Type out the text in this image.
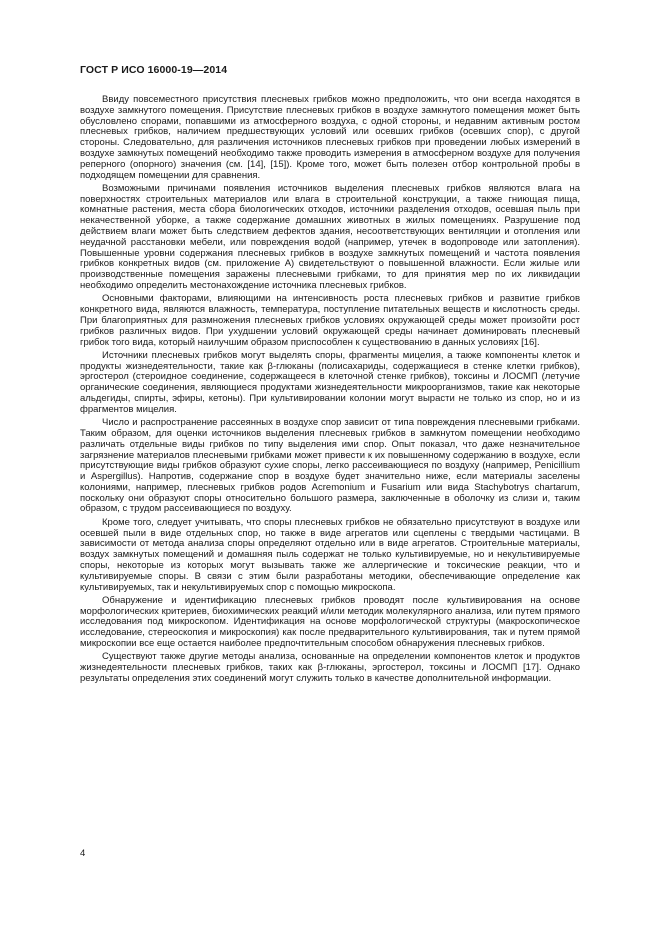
ГОСТ Р ИСО 16000-19—2014

Ввиду повсеместного присутствия плесневых грибков можно предположить, что они всегда находятся в воздухе замкнутого помещения. Присутствие плесневых грибков в воздухе замкнутого помещения может быть обусловлено спорами, попавшими из атмосферного воздуха, с одной стороны, и недавним активным ростом плесневых грибков, наличием предшествующих условий или осевших грибков (осевших спор), с другой стороны. Следовательно, для различения источников плесневых грибков при проведении любых измерений в воздухе замкнутых помещений необходимо также проводить измерения в атмосферном воздухе для получения реперного (опорного) значения (см. [14], [15]). Кроме того, может быть полезен отбор контрольной пробы в подходящем помещении для сравнения.

Возможными причинами появления источников выделения плесневых грибков являются влага на поверхностях строительных материалов или влага в строительной конструкции, а также гниющая пища, комнатные растения, места сбора биологических отходов, источники разделения отходов, осевшая пыль при некачественной уборке, а также содержание домашних животных в жилых помещениях. Разрушение под действием влаги может быть следствием дефектов здания, несоответствующих вентиляции и отопления или неудачной расстановки мебели, или повреждения водой (например, утечек в водопроводе или затопления). Повышенные уровни содержания плесневых грибков в воздухе замкнутых помещений и частота появления грибков конкретных видов (см. приложение А) свидетельствуют о повышенной влажности. Если жилые или производственные помещения заражены плесневыми грибками, то для принятия мер по их ликвидации необходимо определить местонахождение источника плесневых грибков.

Основными факторами, влияющими на интенсивность роста плесневых грибков и развитие грибков конкретного вида, являются влажность, температура, поступление питательных веществ и кислотность среды. При благоприятных для размножения плесневых грибков условиях окружающей среды может произойти рост грибков различных видов. При ухудшении условий окружающей среды начинает доминировать плесневый грибок того вида, который наилучшим образом приспособлен к существованию в данных условиях [16].

Источники плесневых грибков могут выделять споры, фрагменты мицелия, а также компоненты клеток и продукты жизнедеятельности, такие как β-глюканы (полисахариды, содержащиеся в стенке клетки грибков), эргостерол (стероидное соединение, содержащееся в клеточной стенке грибков), токсины и ЛОСМП (летучие органические соединения, являющиеся продуктами жизнедеятельности микроорганизмов, такие как некоторые альдегиды, спирты, эфиры, кетоны). При культивировании колонии могут вырасти не только из спор, но и из фрагментов мицелия.

Число и распространение рассеянных в воздухе спор зависит от типа повреждения плесневыми грибками. Таким образом, для оценки источников выделения плесневых грибков в замкнутом помещении необходимо различать отдельные виды грибков по типу выделения ими спор. Опыт показал, что даже незначительное загрязнение материалов плесневыми грибками может привести к их повышенному содержанию в воздухе, если присутствующие виды грибков образуют сухие споры, легко рассеивающиеся по воздуху (например, Penicillium и Aspergillus). Напротив, содержание спор в воздухе будет значительно ниже, если материалы заселены колониями, например, плесневых грибков родов Acremonium и Fusarium или вида Stachybotrys chartarum, поскольку они образуют споры относительно большого размера, заключенные в оболочку из слизи и, таким образом, с трудом рассеивающиеся по воздуху.

Кроме того, следует учитывать, что споры плесневых грибков не обязательно присутствуют в воздухе или осевшей пыли в виде отдельных спор, но также в виде агрегатов или сцеплены с твердыми частицами. В зависимости от метода анализа споры определяют отдельно или в виде агрегатов. Строительные материалы, воздух замкнутых помещений и домашняя пыль содержат не только культивируемые, но и некультивируемые споры, некоторые из которых могут вызывать также же аллергические и токсические реакции, что и культивируемые споры. В связи с этим были разработаны методики, обеспечивающие определение как культивируемых, так и некультивируемых спор с помощью микроскопа.

Обнаружение и идентификацию плесневых грибков проводят после культивирования на основе морфологических критериев, биохимических реакций и/или методик молекулярного анализа, или путем прямого исследования под микроскопом. Идентификация на основе морфологической структуры (макроскопическое исследование, стереоскопия и микроскопия) как после предварительного культивирования, так и путем прямой микроскопии все еще остается наиболее предпочтительным способом обнаружения плесневых грибков.

Существуют также другие методы анализа, основанные на определении компонентов клеток и продуктов жизнедеятельности плесневых грибков, таких как β-глюканы, эргостерол, токсины и ЛОСМП [17]. Однако результаты определения этих соединений могут служить только в качестве дополнительной информации.

4
